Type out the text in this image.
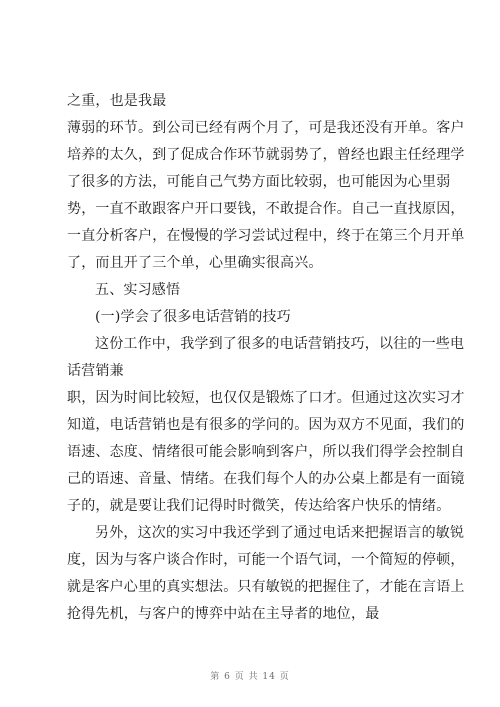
之重，也是我最
薄弱的环节。到公司已经有两个月了，可是我还没有开单。客户
培养的太久，到了促成合作环节就弱势了，曾经也跟主任经理学
了很多的方法，可能自己气势方面比较弱，也可能因为心里弱
势，一直不敢跟客户开口要钱，不敢提合作。自己一直找原因，
一直分析客户，在慢慢的学习尝试过程中，终于在第三个月开单
了，而且开了三个单，心里确实很高兴。
五、实习感悟
(一)学会了很多电话营销的技巧
这份工作中，我学到了很多的电话营销技巧，以往的一些电
话营销兼
职，因为时间比较短，也仅仅是锻炼了口才。但通过这次实习才
知道，电话营销也是有很多的学问的。因为双方不见面，我们的
语速、态度、情绪很可能会影响到客户，所以我们得学会控制自
己的语速、音量、情绪。在我们每个人的办公桌上都是有一面镜
子的，就是要让我们记得时时微笑，传达给客户快乐的情绪。
另外，这次的实习中我还学到了通过电话来把握语言的敏锐
度，因为与客户谈合作时，可能一个语气词，一个简短的停顿，
就是客户心里的真实想法。只有敏锐的把握住了，才能在言语上
抢得先机，与客户的博弈中站在主导者的地位，最
第 6 页 共 14 页
